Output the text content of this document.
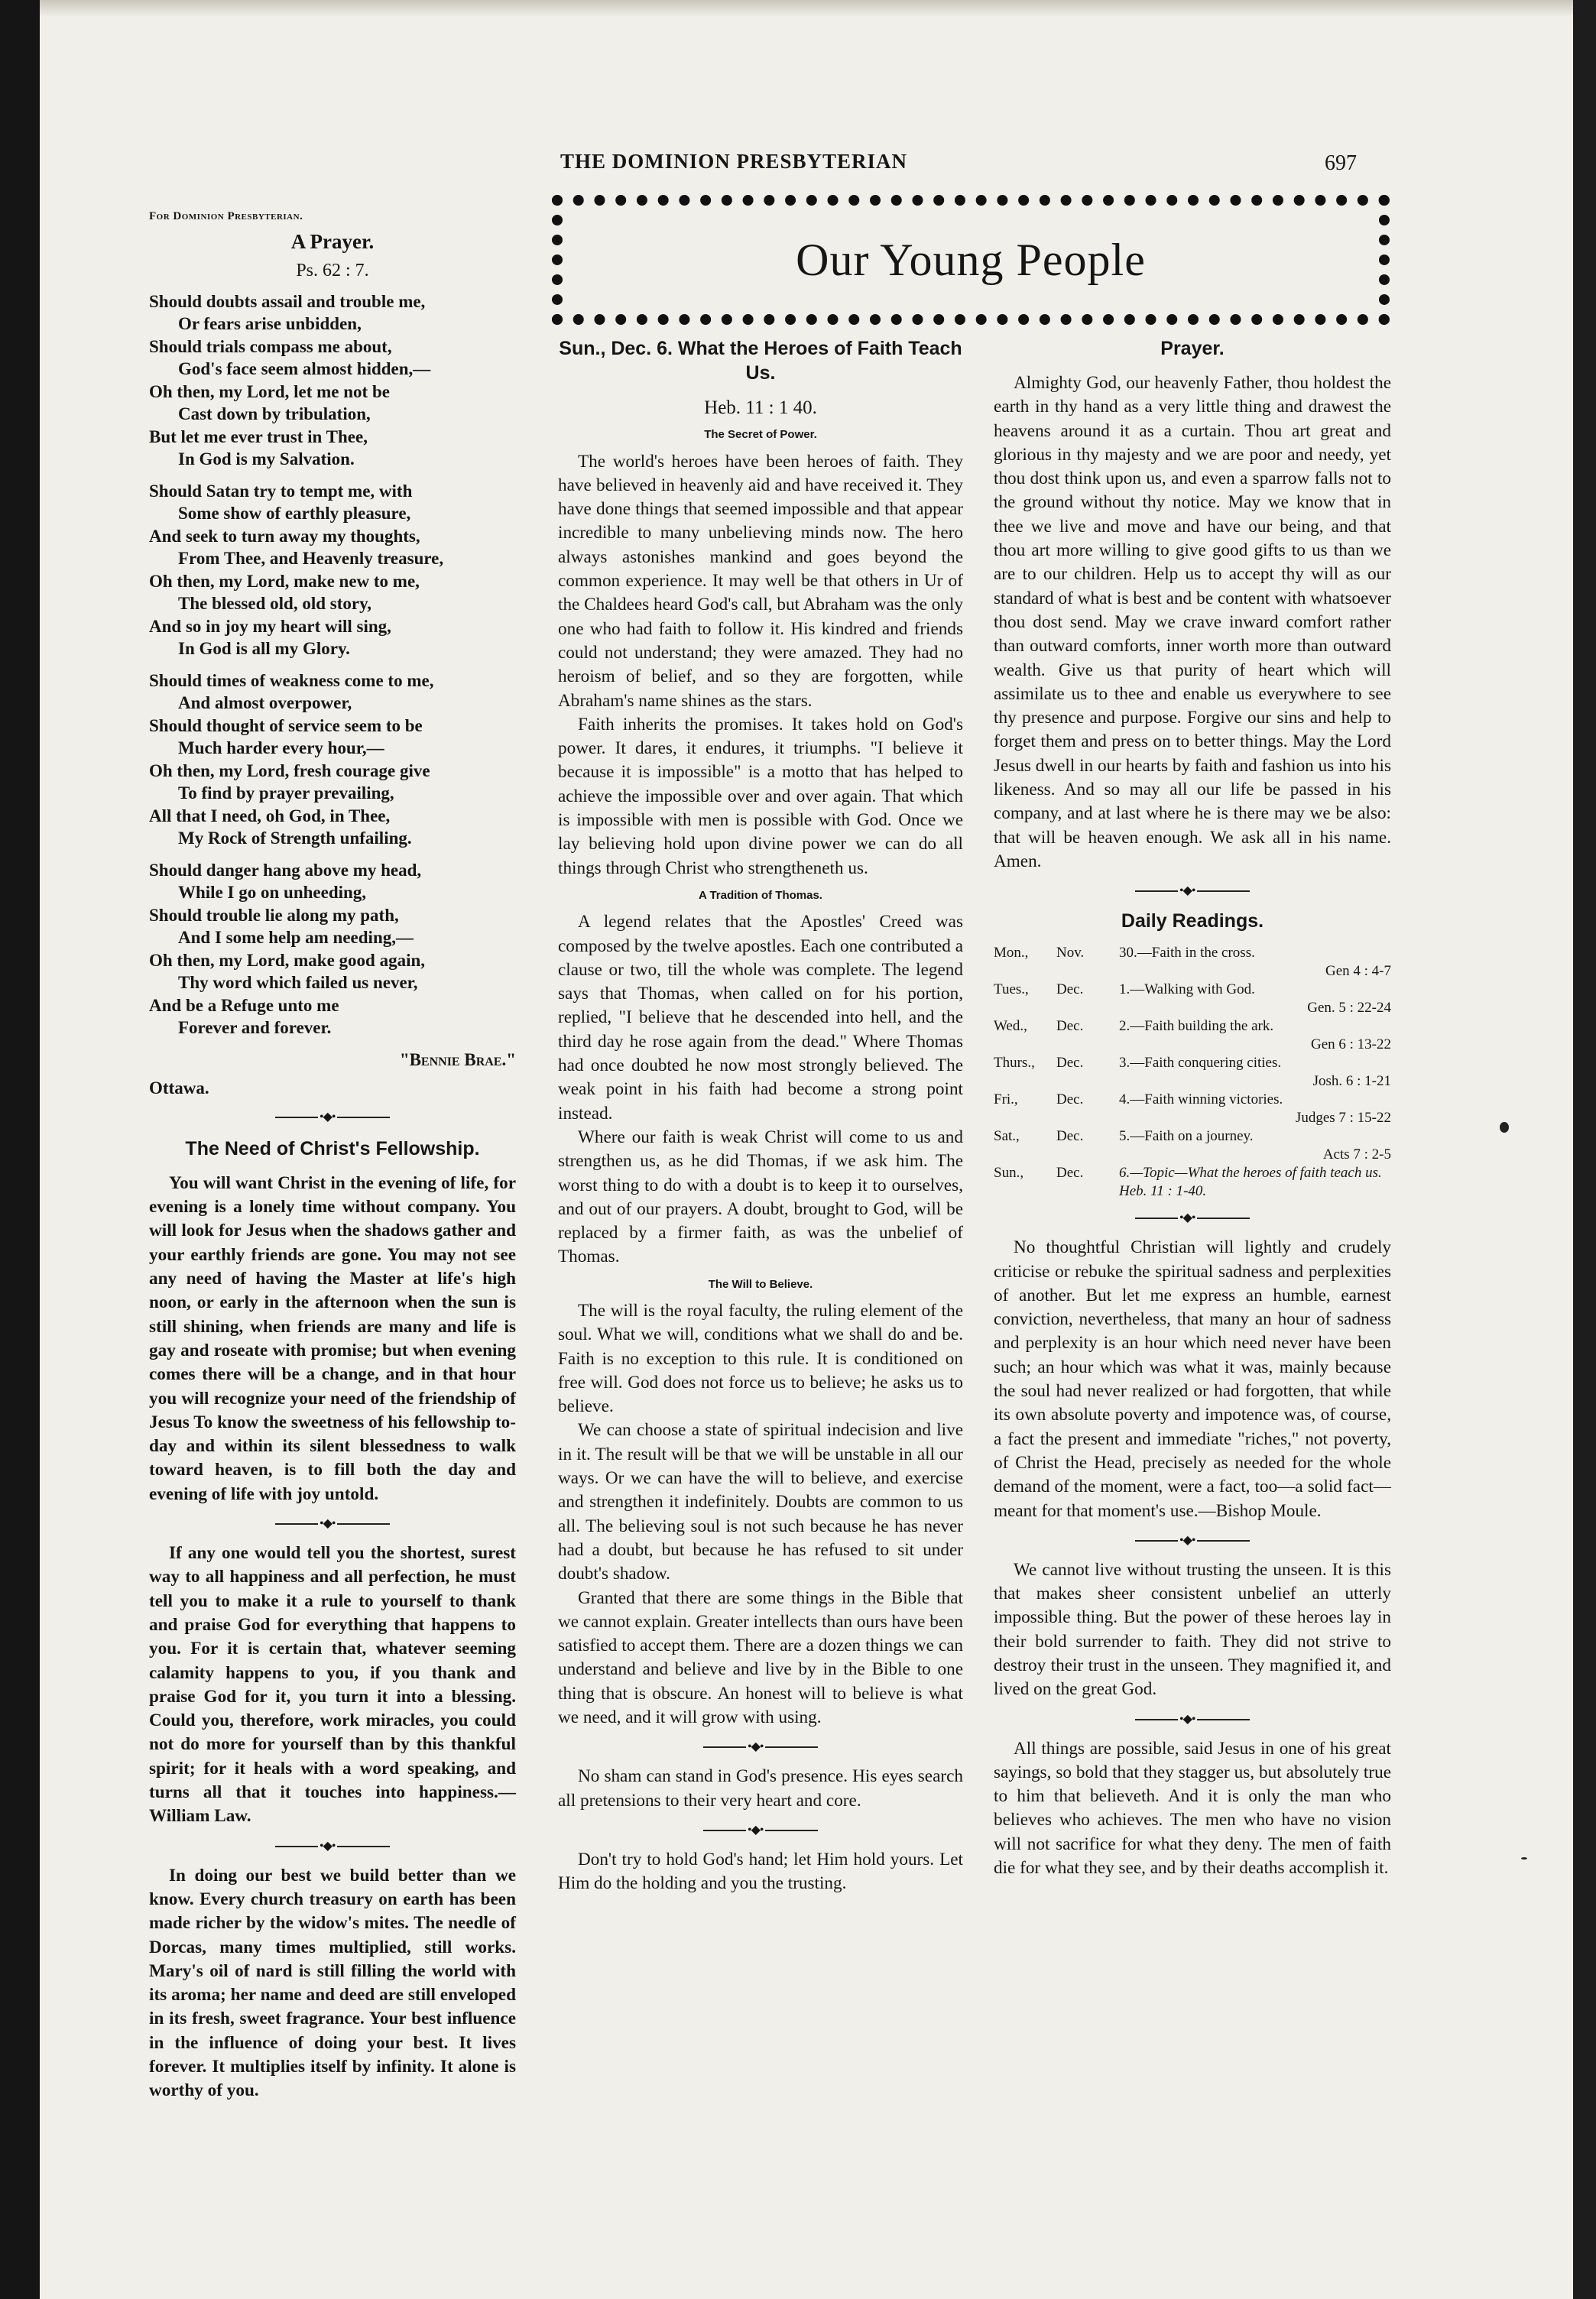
THE DOMINION PRESBYTERIAN	697
Our Young People
For Dominion Presbyterian.
A Prayer.
Ps. 62 : 7.
Should doubts assail and trouble me,
Or fears arise unbidden,
Should trials compass me about,
God's face seem almost hidden,—
Oh then, my Lord, let me not be
Cast down by tribulation,
But let me ever trust in Thee,
In God is my Salvation.
Should Satan try to tempt me, with
Some show of earthly pleasure,
And seek to turn away my thoughts,
From Thee, and Heavenly treasure,
Oh then, my Lord, make new to me,
The blessed old, old story,
And so in joy my heart will sing,
In God is all my Glory.
Should times of weakness come to me,
And almost overpower,
Should thought of service seem to be
Much harder every hour,—
Oh then, my Lord, fresh courage give
To find by prayer prevailing,
All that I need, oh God, in Thee,
My Rock of Strength unfailing.
Should danger hang above my head,
While I go on unheeding,
Should trouble lie along my path,
And I some help am needing,—
Oh then, my Lord, make good again,
Thy word which failed us never,
And be a Refuge unto me
Forever and forever.
"Bennie Brae."
Ottawa.
•◆•
The Need of Christ's Fellowship.

You will want Christ in the evening of life, for evening is a lonely time without company. You will look for Jesus when the shadows gather and your earthly friends are gone. You may not see any need of having the Master at life's high noon, or early in the afternoon when the sun is still shining, when friends are many and life is gay and roseate with promise; but when evening comes there will be a change, and in that hour you will recognize your need of the friendship of Jesus To know the sweetness of his fellowship to-day and within its silent blessedness to walk toward heaven, is to fill both the day and evening of life with joy untold.

•◆•

If any one would tell you the shortest, surest way to all happiness and all perfection, he must tell you to make it a rule to yourself to thank and praise God for everything that happens to you. For it is certain that, whatever seeming calamity happens to you, if you thank and praise God for it, you turn it into a blessing. Could you, therefore, work miracles, you could not do more for yourself than by this thankful spirit; for it heals with a word speaking, and turns all that it touches into happiness.—William Law.

•◆•

In doing our best we build better than we know. Every church treasury on earth has been made richer by the widow's mites. The needle of Dorcas, many times multiplied, still works. Mary's oil of nard is still filling the world with its aroma; her name and deed are still enveloped in its fresh, sweet fragrance. Your best influence in the influence of doing your best. It lives forever. It multiplies itself by infinity. It alone is worthy of you.

Sun., Dec. 6. What the Heroes of Faith Teach Us.
Heb. 11 : 1 40.
The Secret of Power.

The world's heroes have been heroes of faith. They have believed in heavenly aid and have received it. They have done things that seemed impossible and that appear incredible to many unbelieving minds now. The hero always astonishes mankind and goes beyond the common experience. It may well be that others in Ur of the Chaldees heard God's call, but Abraham was the only one who had faith to follow it. His kindred and friends could not understand; they were amazed. They had no heroism of belief, and so they are forgotten, while Abraham's name shines as the stars.

Faith inherits the promises. It takes hold on God's power. It dares, it endures, it triumphs. "I believe it because it is impossible" is a motto that has helped to achieve the impossible over and over again. That which is impossible with men is possible with God. Once we lay believing hold upon divine power we can do all things through Christ who strengtheneth us.

A Tradition of Thomas.

A legend relates that the Apostles' Creed was composed by the twelve apostles. Each one contributed a clause or two, till the whole was complete. The legend says that Thomas, when called on for his portion, replied, "I believe that he descended into hell, and the third day he rose again from the dead." Where Thomas had once doubted he now most strongly believed. The weak point in his faith had become a strong point instead.

Where our faith is weak Christ will come to us and strengthen us, as he did Thomas, if we ask him. The worst thing to do with a doubt is to keep it to ourselves, and out of our prayers. A doubt, brought to God, will be replaced by a firmer faith, as was the unbelief of Thomas.

The Will to Believe.

The will is the royal faculty, the ruling element of the soul. What we will, conditions what we shall do and be. Faith is no exception to this rule. It is conditioned on free will. God does not force us to believe; he asks us to believe.

We can choose a state of spiritual indecision and live in it. The result will be that we will be unstable in all our ways. Or we can have the will to believe, and exercise and strengthen it indefinitely. Doubts are common to us all. The believing soul is not such because he has never had a doubt, but because he has refused to sit under doubt's shadow.

Granted that there are some things in the Bible that we cannot explain. Greater intellects than ours have been satisfied to accept them. There are a dozen things we can understand and believe and live by in the Bible to one thing that is obscure. An honest will to believe is what we need, and it will grow with using.

•◆•

No sham can stand in God's presence. His eyes search all pretensions to their very heart and core.

•◆•

Don't try to hold God's hand; let Him hold yours. Let Him do the holding and you the trusting.

Prayer.

Almighty God, our heavenly Father, thou holdest the earth in thy hand as a very little thing and drawest the heavens around it as a curtain. Thou art great and glorious in thy majesty and we are poor and needy, yet thou dost think upon us, and even a sparrow falls not to the ground without thy notice. May we know that in thee we live and move and have our being, and that thou art more willing to give good gifts to us than we are to our children. Help us to accept thy will as our standard of what is best and be content with whatsoever thou dost send. May we crave inward comfort rather than outward comforts, inner worth more than outward wealth. Give us that purity of heart which will assimilate us to thee and enable us everywhere to see thy presence and purpose. Forgive our sins and help to forget them and press on to better things. May the Lord Jesus dwell in our hearts by faith and fashion us into his likeness. And so may all our life be passed in his company, and at last where he is there may we be also: that will be heaven enough. We ask all in his name. Amen.

•◆•
Daily Readings.
Mon.,	Nov.	30.—Faith in the cross.
Gen 4 : 4-7

Tues.,	Dec.	1.—Walking with God.
Gen. 5 : 22-24

Wed.,	Dec.	2.—Faith building the ark.
Gen 6 : 13-22

Thurs.,	Dec.	3.—Faith conquering cities.
Josh. 6 : 1-21

Fri.,	Dec.	4.—Faith winning victories.
Judges 7 : 15-22

Sat.,	Dec.	5.—Faith on a journey.
Acts 7 : 2-5

Sun.,	Dec.	6.—Topic—What the heroes of faith teach us. Heb. 11 : 1-40.
•◆•

No thoughtful Christian will lightly and crudely criticise or rebuke the spiritual sadness and perplexities of another. But let me express an humble, earnest conviction, nevertheless, that many an hour of sadness and perplexity is an hour which need never have been such; an hour which was what it was, mainly because the soul had never realized or had forgotten, that while its own absolute poverty and impotence was, of course, a fact the present and immediate "riches," not poverty, of Christ the Head, precisely as needed for the whole demand of the moment, were a fact, too—a solid fact—meant for that moment's use.—Bishop Moule.

•◆•

We cannot live without trusting the unseen. It is this that makes sheer consistent unbelief an utterly impossible thing. But the power of these heroes lay in their bold surrender to faith. They did not strive to destroy their trust in the unseen. They magnified it, and lived on the great God.

•◆•

All things are possible, said Jesus in one of his great sayings, so bold that they stagger us, but absolutely true to him that believeth. And it is only the man who believes who achieves. The men who have no vision will not sacrifice for what they deny. The men of faith die for what they see, and by their deaths accomplish it.
